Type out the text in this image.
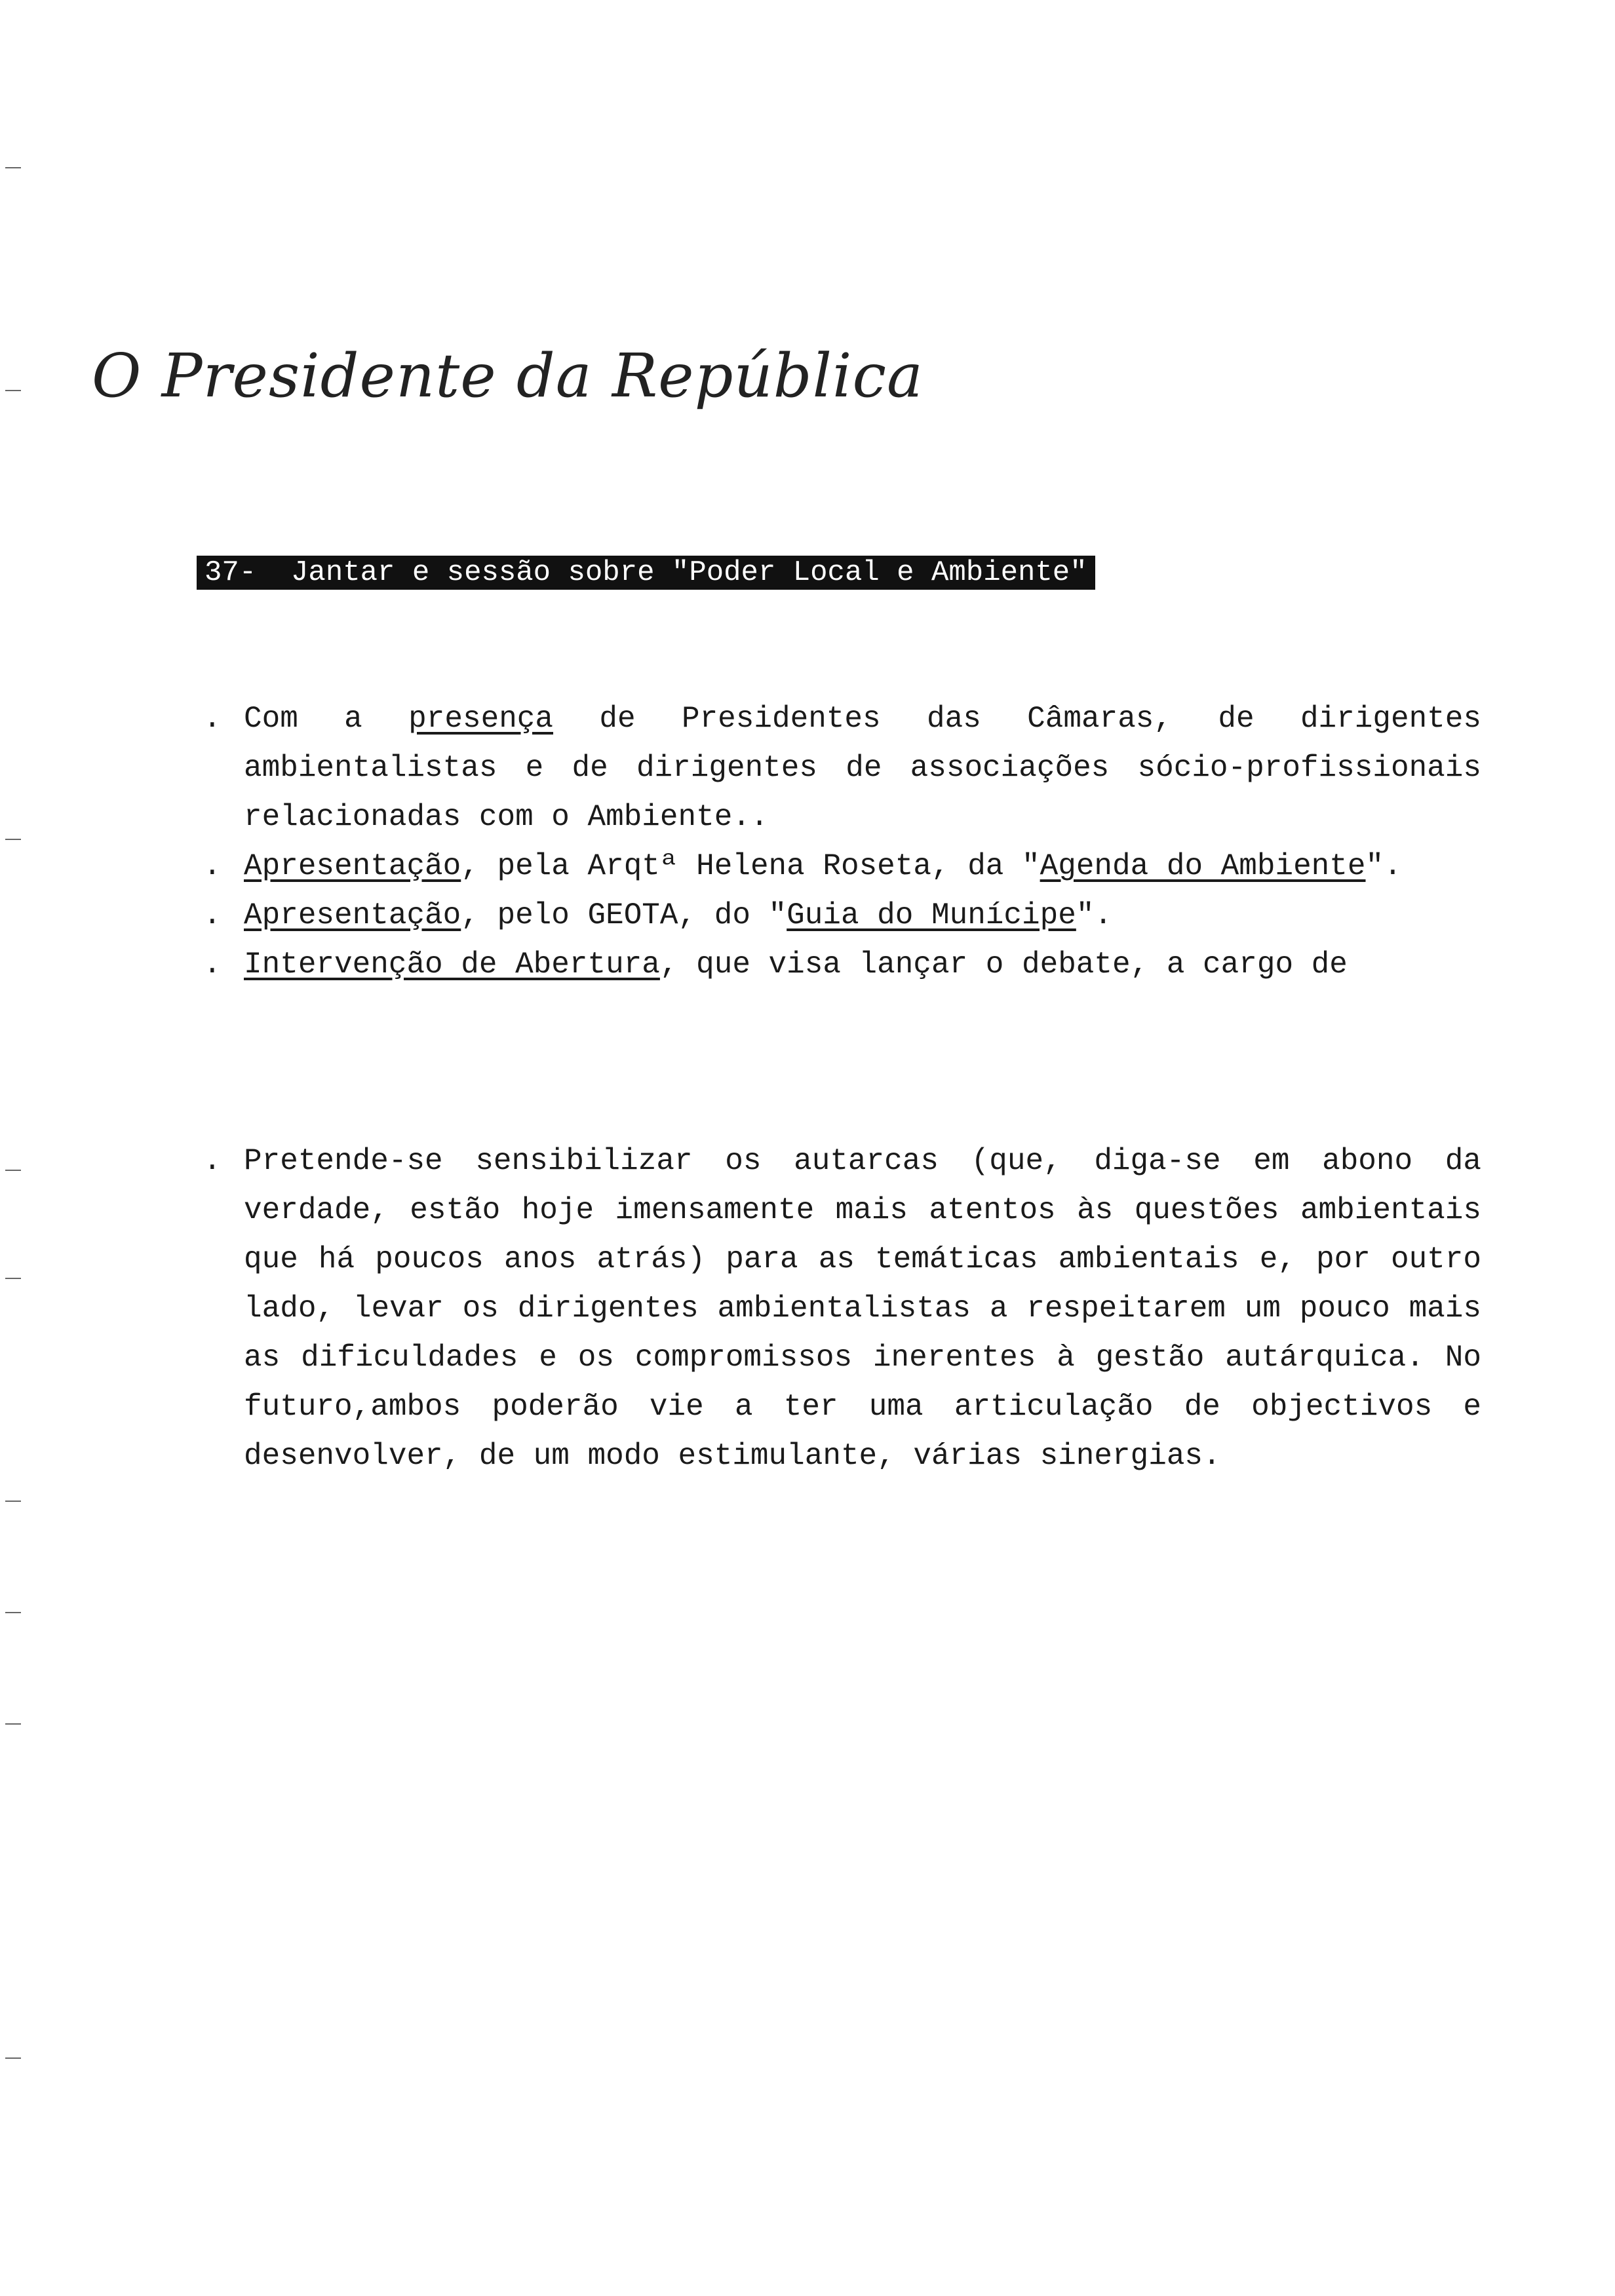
O Presidente da República
37-  Jantar e sessão sobre "Poder Local e Ambiente"
. Com a presença de Presidentes das Câmaras, de dirigentes ambientalistas e de dirigentes de associações sócio-profissionais relacionadas com o Ambiente..
. Apresentação, pela Arqtª Helena Roseta, da "Agenda do Ambiente".
. Apresentação, pelo GEOTA, do "Guia do Munícipe".
. Intervenção de Abertura, que visa lançar o debate, a cargo de
. Pretende-se sensibilizar os autarcas (que, diga-se em abono da verdade, estão hoje imensamente mais atentos às questões ambientais que há poucos anos atrás) para as temáticas ambientais e, por outro lado, levar os dirigentes ambientalistas a respeitarem um pouco mais as dificuldades e os compromissos inerentes à gestão autárquica. No futuro,ambos poderão vie a ter uma articulação de objectivos e desenvolver, de um modo estimulante, várias sinergias.
